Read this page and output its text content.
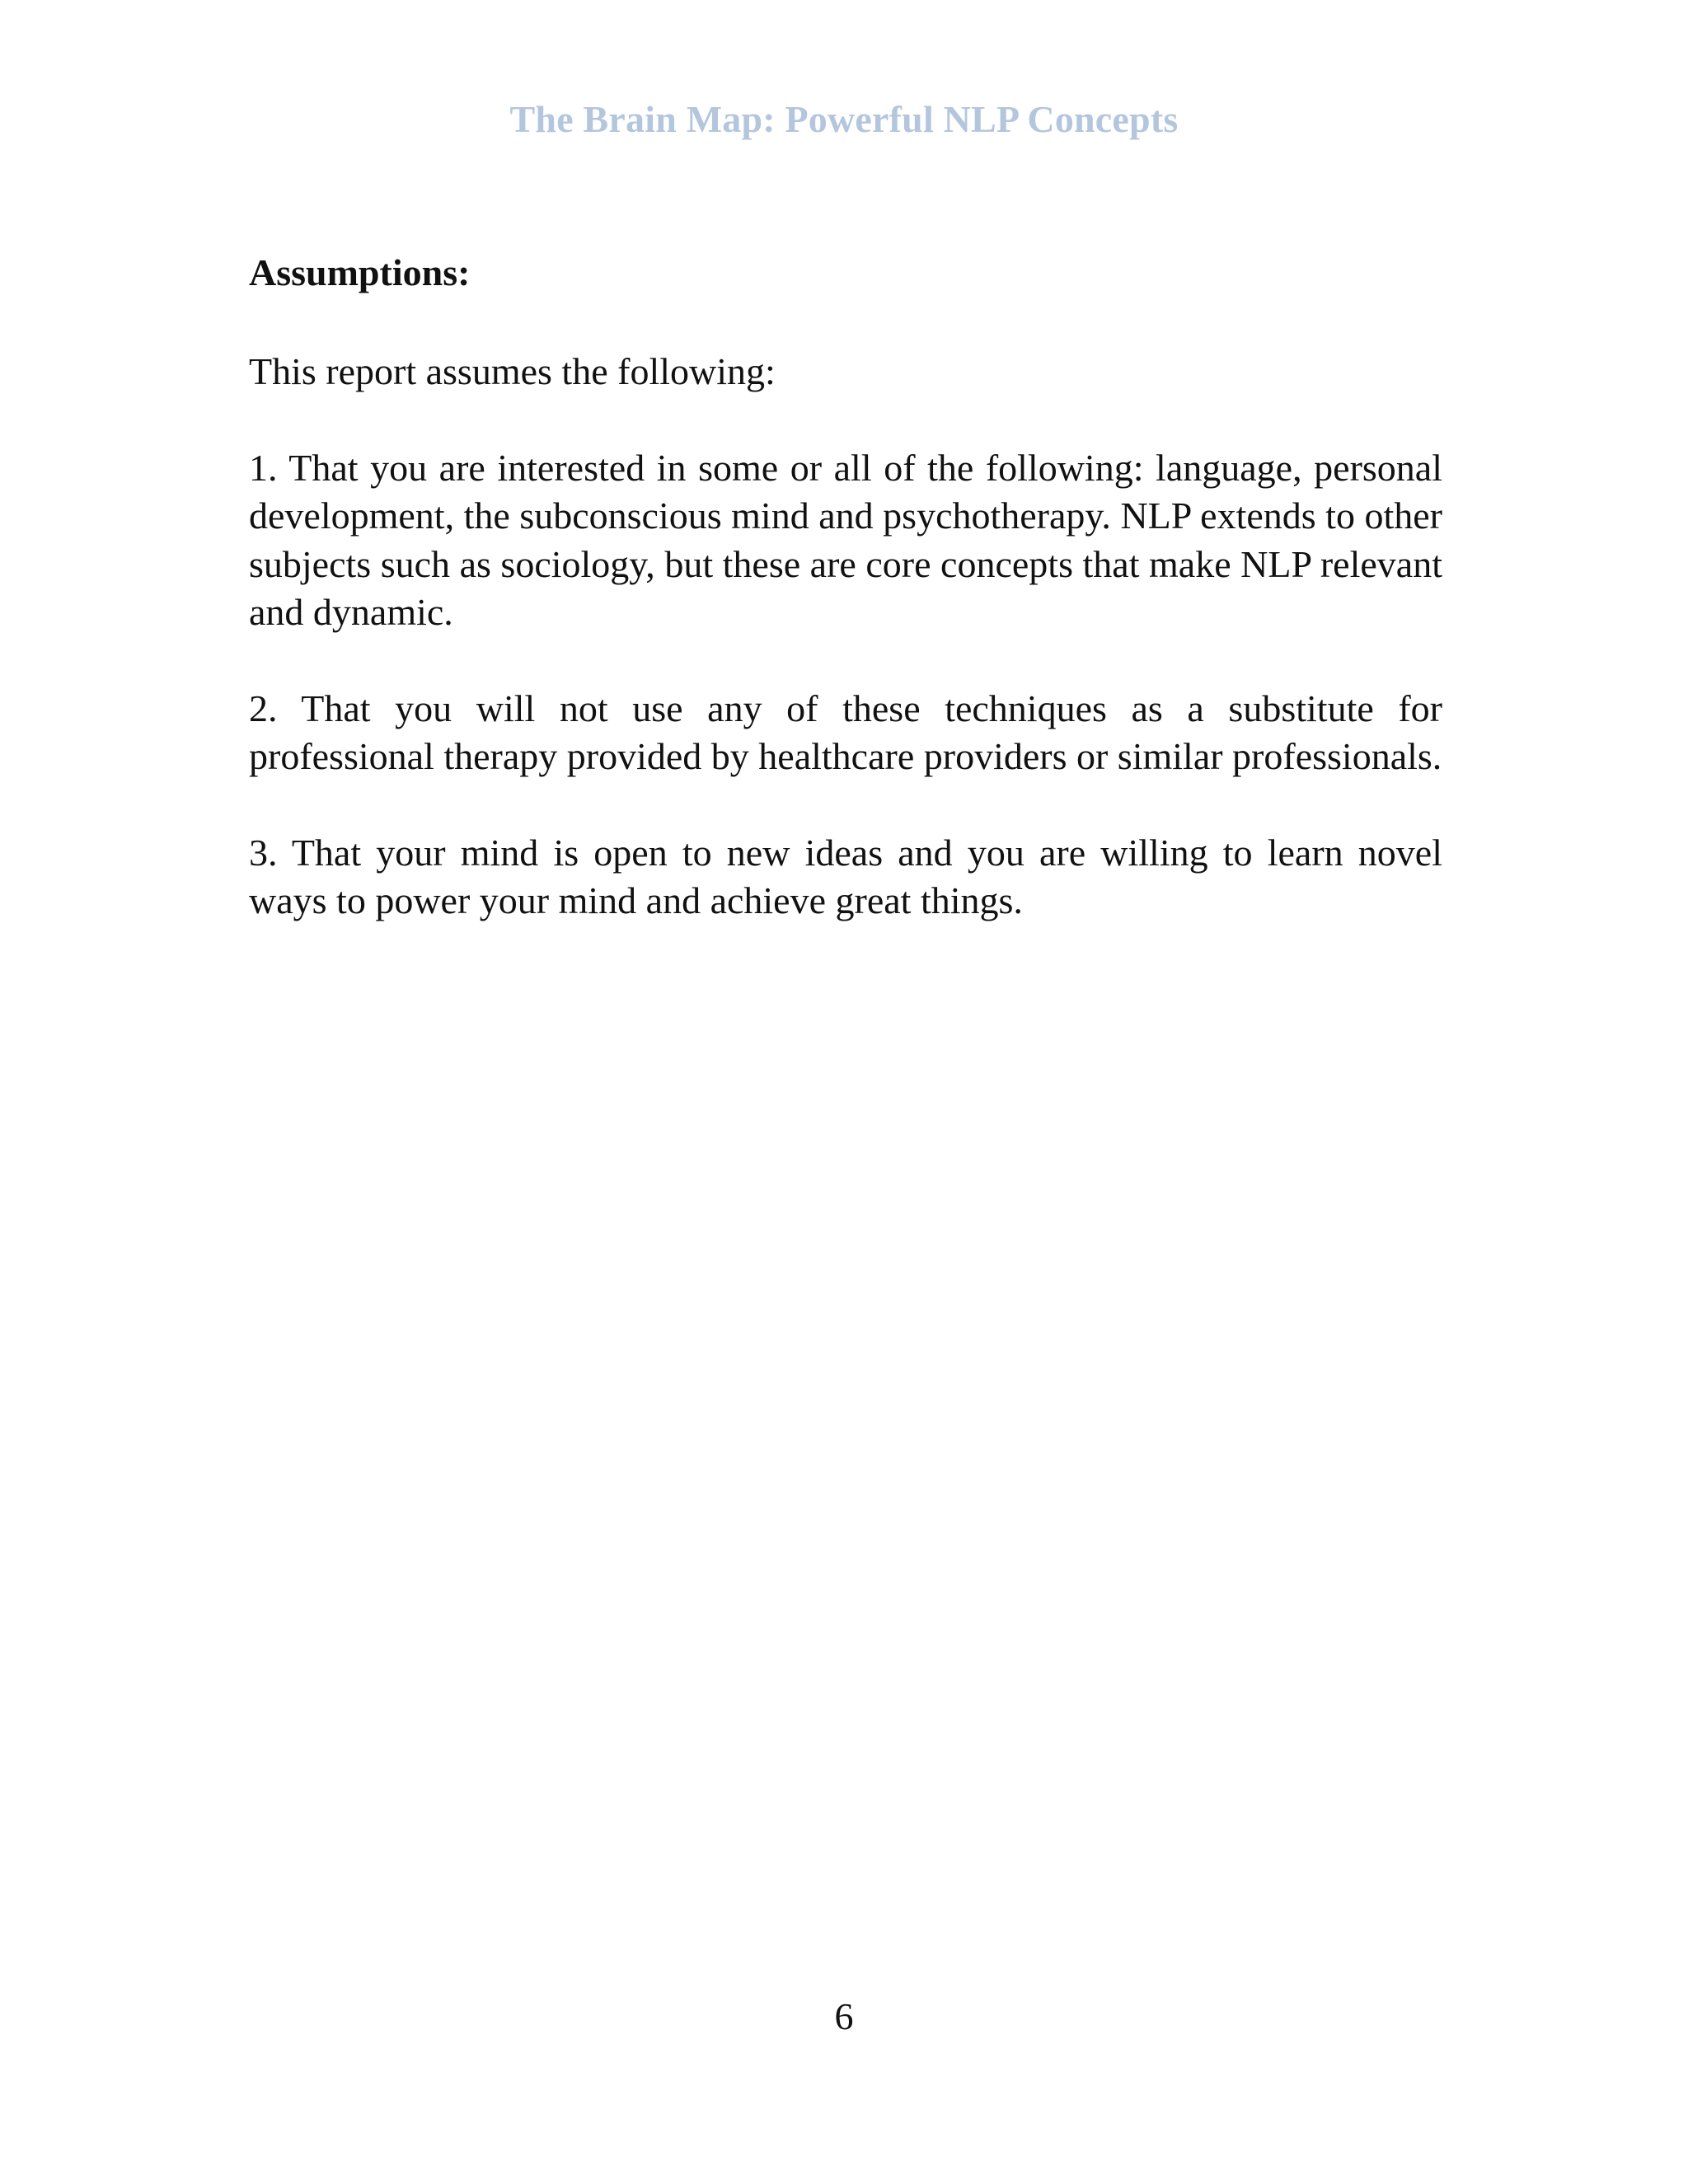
The Brain Map: Powerful NLP Concepts
Assumptions:

This report assumes the following:

1. That you are interested in some or all of the following: language, personal development, the subconscious mind and psychotherapy. NLP extends to other subjects such as sociology, but these are core concepts that make NLP relevant and dynamic.

2. That you will not use any of these techniques as a substitute for professional therapy provided by healthcare providers or similar professionals.

3. That your mind is open to new ideas and you are willing to learn novel ways to power your mind and achieve great things.

6
